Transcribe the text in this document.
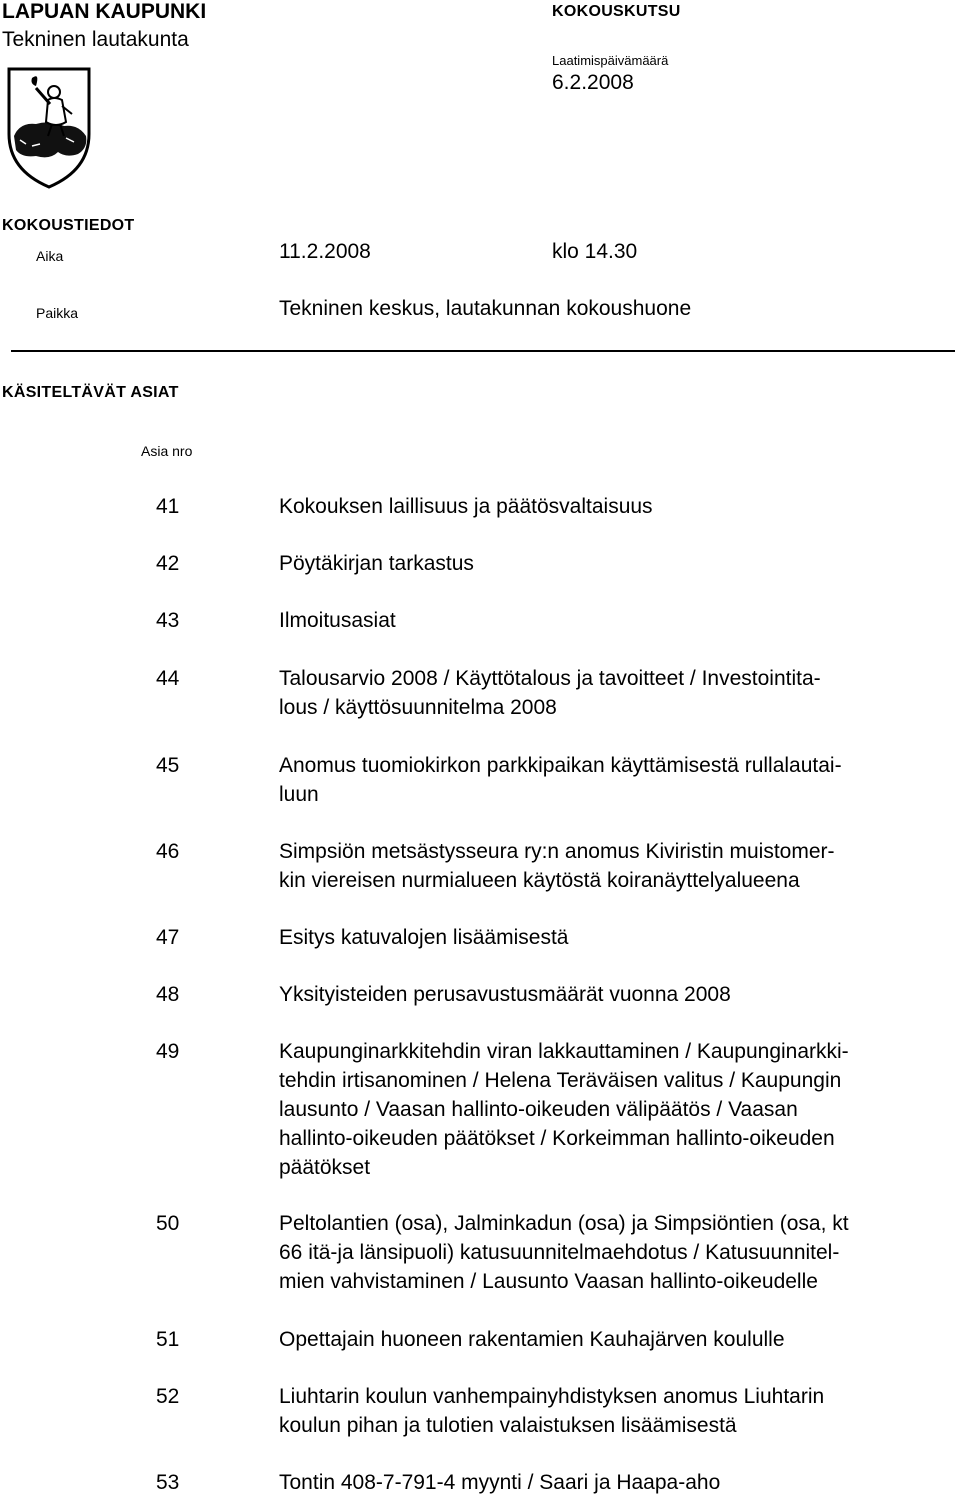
LAPUAN KAUPUNKI
Tekninen lautakunta
KOKOUSKUTSU
Laatimispäivämäärä
6.2.2008
KOKOUSTIEDOT
Aika	11.2.2008	klo 14.30
Paikka	Tekninen keskus, lautakunnan kokoushuone
KÄSITELTÄVÄT ASIAT
Asia nro
41	Kokouksen laillisuus ja päätösvaltaisuus
42	Pöytäkirjan tarkastus
43	Ilmoitusasiat
44	Talousarvio 2008 / Käyttötalous ja tavoitteet / Investointita-
lous / käyttösuunnitelma 2008
45	Anomus tuomiokirkon parkkipaikan käyttämisestä rullalautai-
luun
46	Simpsiön metsästysseura ry:n anomus Kiviristin muistomer-
kin viereisen nurmialueen käytöstä koiranäyttelyalueena
47	Esitys katuvalojen lisäämisestä
48	Yksityisteiden perusavustusmäärät vuonna 2008
49	Kaupunginarkkitehdin viran lakkauttaminen / Kaupunginarkki-
tehdin irtisanominen / Helena Teräväisen valitus / Kaupungin
lausunto / Vaasan hallinto-oikeuden välipäätös / Vaasan
hallinto-oikeuden päätökset / Korkeimman hallinto-oikeuden
päätökset
50	Peltolantien (osa), Jalminkadun (osa) ja Simpsiöntien (osa, kt
66 itä-ja länsipuoli) katusuunnitelmaehdotus / Katusuunnitel-
mien vahvistaminen / Lausunto Vaasan hallinto-oikeudelle
51	Opettajain huoneen rakentamien Kauhajärven koululle
52	Liuhtarin koulun vanhempainyhdistyksen anomus Liuhtarin
koulun pihan ja tulotien valaistuksen lisäämisestä
53	Tontin 408-7-791-4 myynti / Saari ja Haapa-aho
